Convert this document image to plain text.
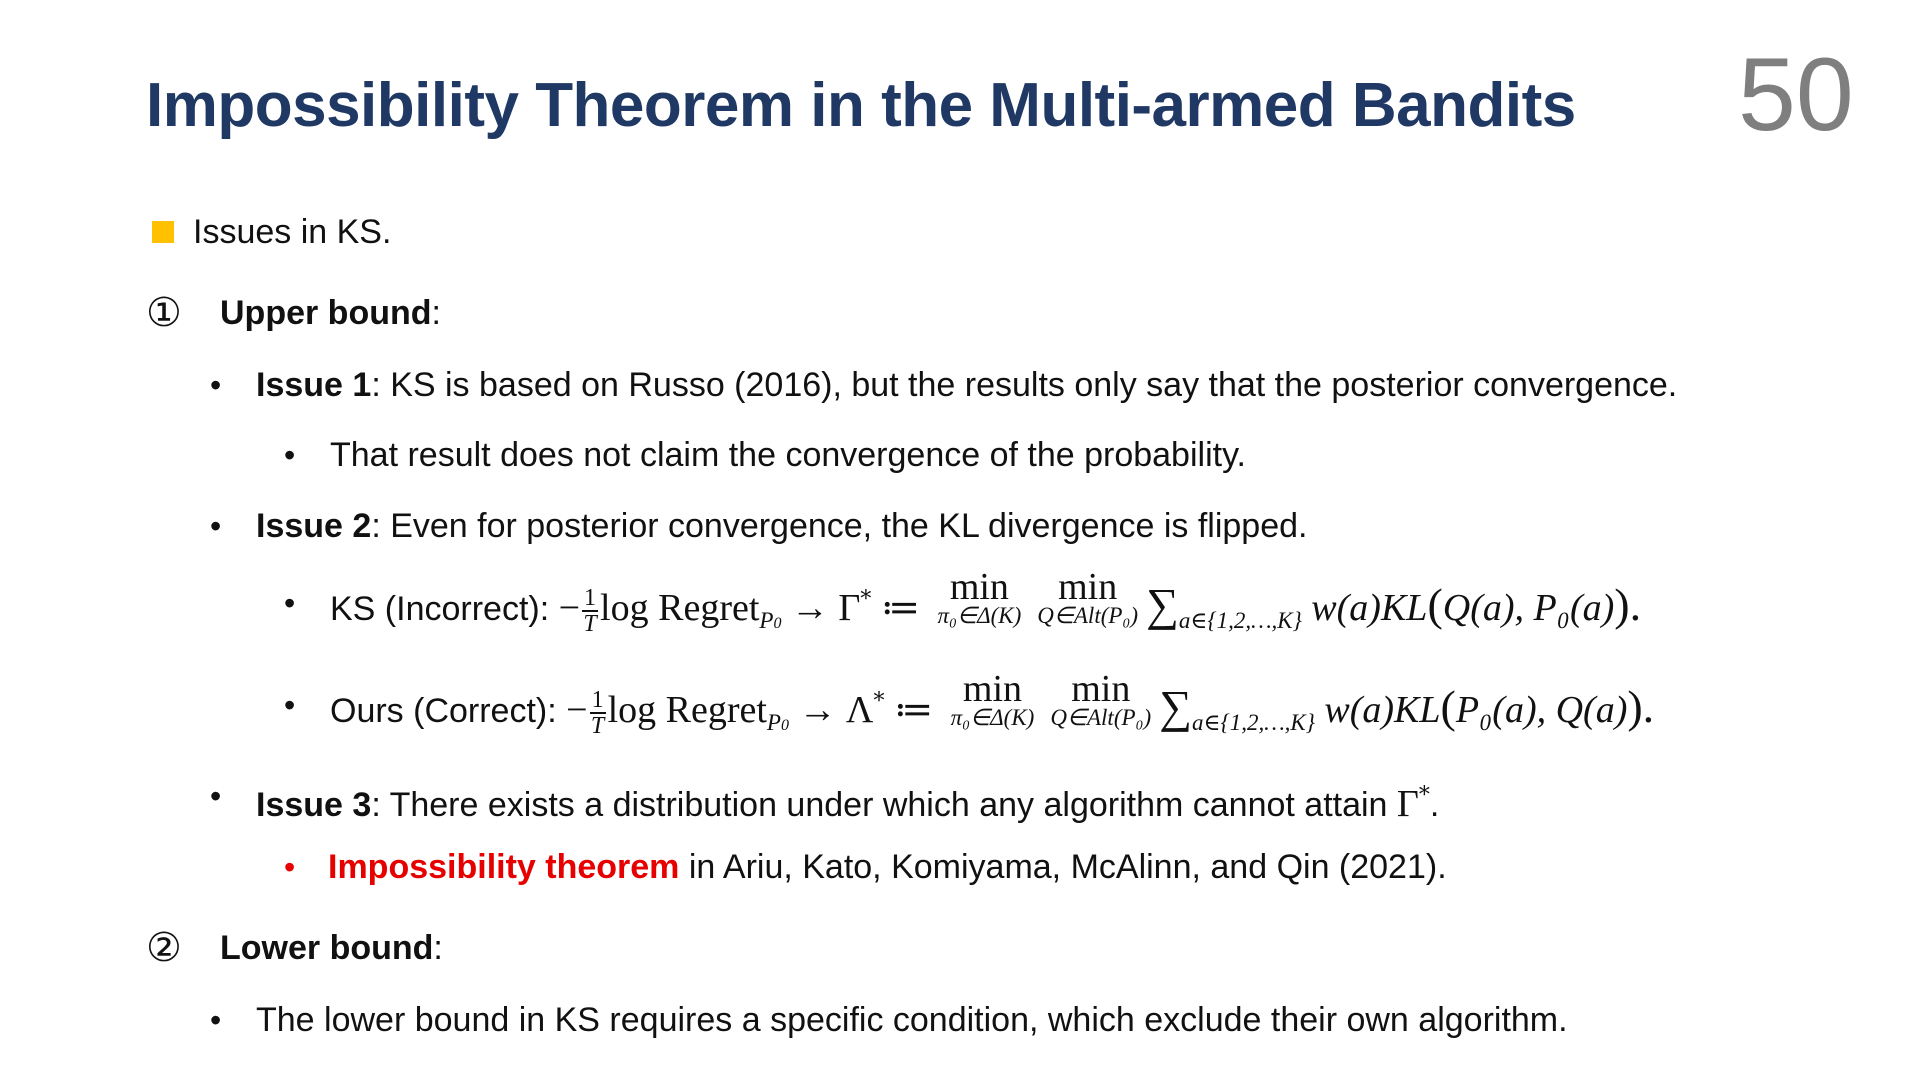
Impossibility Theorem in the Multi-armed Bandits 50
Issues in KS.
① Upper bound:
• Issue 1: KS is based on Russo (2016), but the results only say that the posterior convergence.
• That result does not claim the convergence of the probability.
• Issue 2: Even for posterior convergence, the KL divergence is flipped.
• KS (Incorrect): − $\frac{1}{T}$ log Regret$_{P0}$ → Γ* ≔ min
π₀∈Δ(K)
min
Q∈Alt(P₀) $\sum_{a\in\{1,2,\dots,K\}}$ w(a)KL(Q(a), P₀(a)).
• Ours (Correct): − $\frac{1}{T}$ log Regret$_{P0}$ → Λ* ≔ min
π₀∈Δ(K)
min
Q∈Alt(P₀) $\sum_{a\in\{1,2,\dots,K\}}$ w(a)KL(P₀(a), Q(a)).
• Issue 3: There exists a distribution under which any algorithm cannot attain Γ*.
• Impossibility theorem in Ariu, Kato, Komiyama, McAlinn, and Qin (2021).
② Lower bound:
• The lower bound in KS requires a specific condition, which exclude their own algorithm.
